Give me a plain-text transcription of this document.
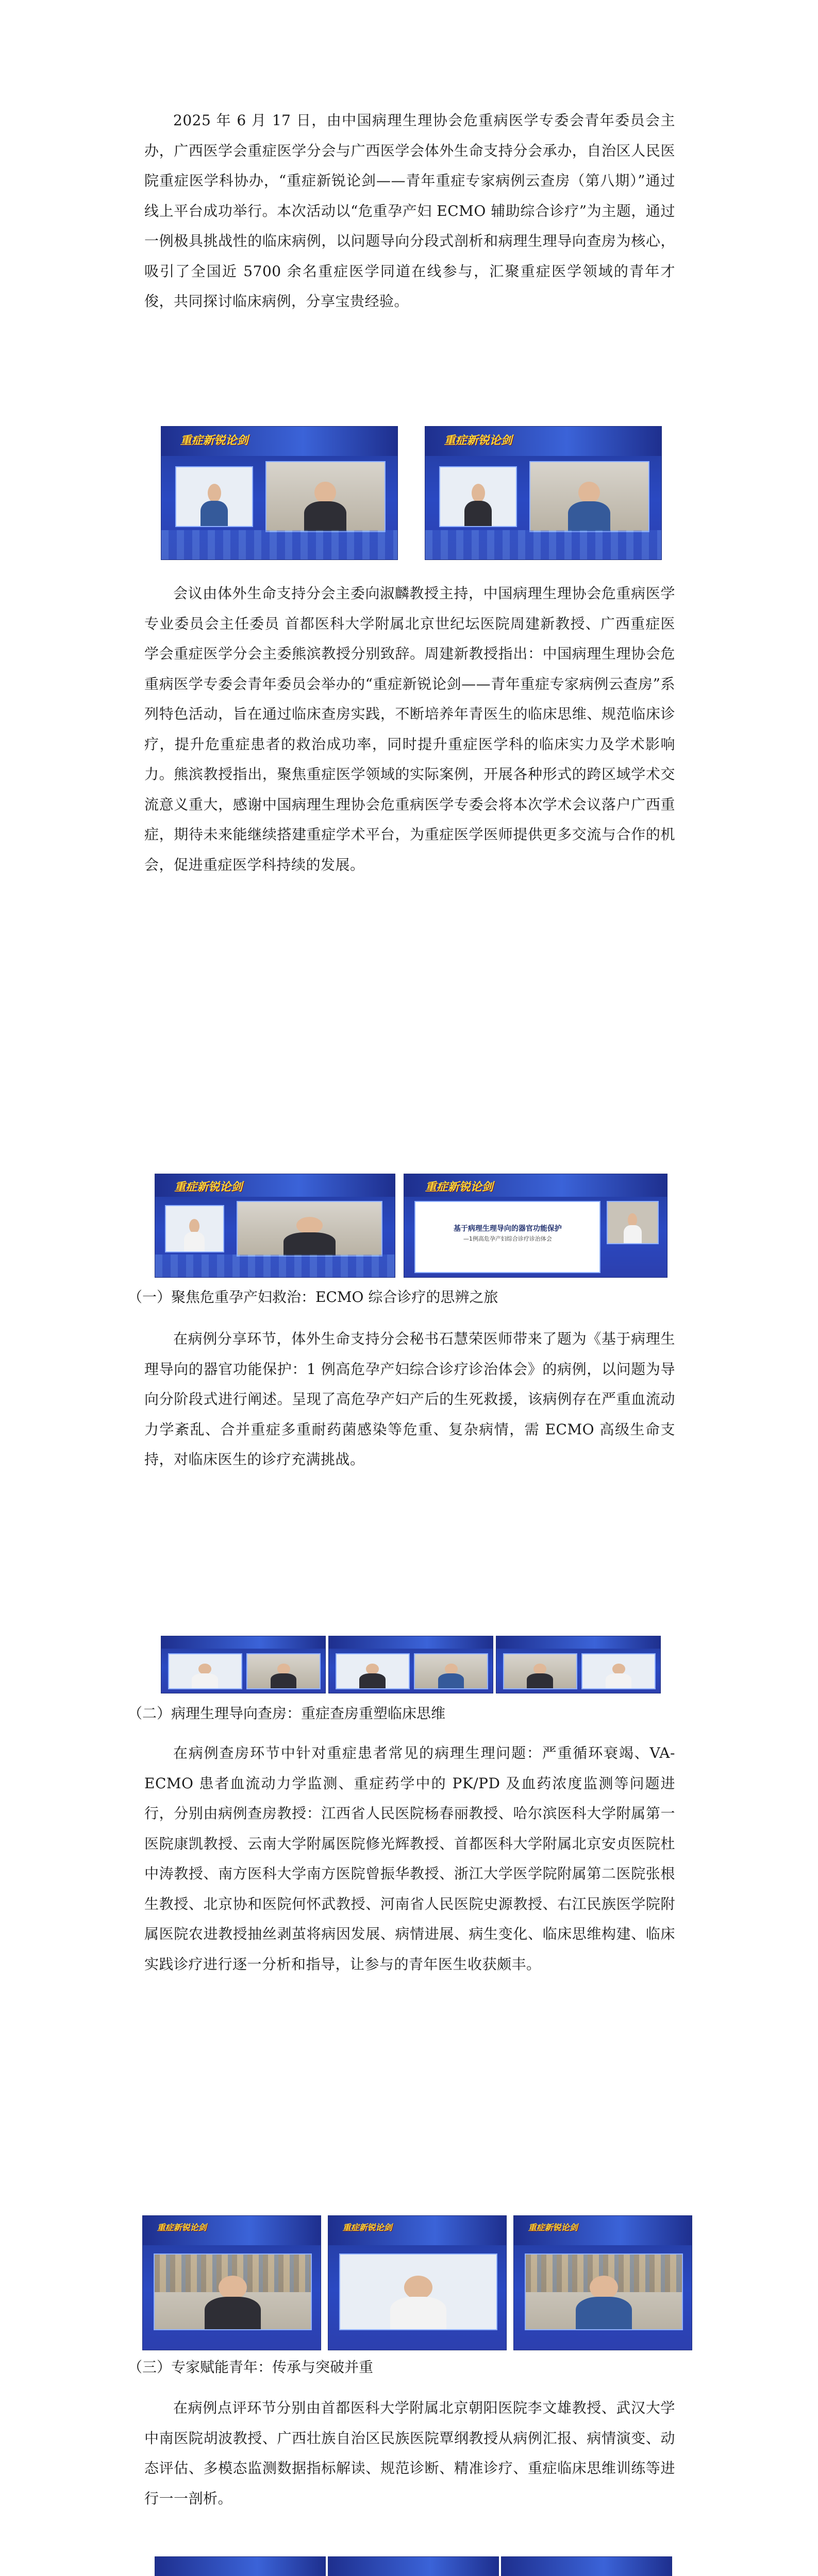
2025 年 6 月 17 日，由中国病理生理协会危重病医学专委会青年委员会主办，广西医学会重症医学分会与广西医学会体外生命支持分会承办，自治区人民医院重症医学科协办，“重症新锐论剑——青年重症专家病例云查房（第八期）”通过线上平台成功举行。本次活动以“危重孕产妇 ECMO 辅助综合诊疗”为主题，通过一例极具挑战性的临床病例，以问题导向分段式剖析和病理生理导向查房为核心，吸引了全国近 5700 余名重症医学同道在线参与，汇聚重症医学领域的青年才俊，共同探讨临床病例，分享宝贵经验。

重症新锐论剑	重症新锐论剑

会议由体外生命支持分会主委向淑麟教授主持，中国病理生理协会危重病医学专业委员会主任委员 首都医科大学附属北京世纪坛医院周建新教授、广西重症医学会重症医学分会主委熊滨教授分别致辞。周建新教授指出：中国病理生理协会危重病医学专委会青年委员会举办的“重症新锐论剑——青年重症专家病例云查房”系列特色活动，旨在通过临床查房实践，不断培养年青医生的临床思维、规范临床诊疗，提升危重症患者的救治成功率，同时提升重症医学科的临床实力及学术影响力。熊滨教授指出，聚焦重症医学领域的实际案例，开展各种形式的跨区域学术交流意义重大，感谢中国病理生理协会危重病医学专委会将本次学术会议落户广西重症，期待未来能继续搭建重症学术平台，为重症医学医师提供更多交流与合作的机会，促进重症医学科持续的发展。

重症新锐论剑	重症新锐论剑
基于病理生理导向的器官功能保护
—1例高危孕产妇综合诊疗诊治体会

（一）聚焦危重孕产妇救治：ECMO 综合诊疗的思辨之旅

在病例分享环节，体外生命支持分会秘书石慧荣医师带来了题为《基于病理生理导向的器官功能保护：1 例高危孕产妇综合诊疗诊治体会》的病例，以问题为导向分阶段式进行阐述。呈现了高危孕产妇产后的生死救援，该病例存在严重血流动力学紊乱、合并重症多重耐药菌感染等危重、复杂病情，需 ECMO 高级生命支持，对临床医生的诊疗充满挑战。

（二）病理生理导向查房：重症查房重塑临床思维

在病例查房环节中针对重症患者常见的病理生理问题：严重循环衰竭、VA-ECMO 患者血流动力学监测、重症药学中的 PK/PD 及血药浓度监测等问题进行，分别由病例查房教授：江西省人民医院杨春丽教授、哈尔滨医科大学附属第一医院康凯教授、云南大学附属医院修光辉教授、首都医科大学附属北京安贞医院杜中涛教授、南方医科大学南方医院曾振华教授、浙江大学医学院附属第二医院张根生教授、北京协和医院何怀武教授、河南省人民医院史源教授、右江民族医学院附属医院农进教授抽丝剥茧将病因发展、病情进展、病生变化、临床思维构建、临床实践诊疗进行逐一分析和指导，让参与的青年医生收获颇丰。

重症新锐论剑	重症新锐论剑	重症新锐论剑

（三）专家赋能青年：传承与突破并重

在病例点评环节分别由首都医科大学附属北京朝阳医院李文雄教授、武汉大学中南医院胡波教授、广西壮族自治区民族医院覃纲教授从病例汇报、病情演变、动态评估、多模态监测数据指标解读、规范诊断、精准诊疗、重症临床思维训练等进行一一剖析。
